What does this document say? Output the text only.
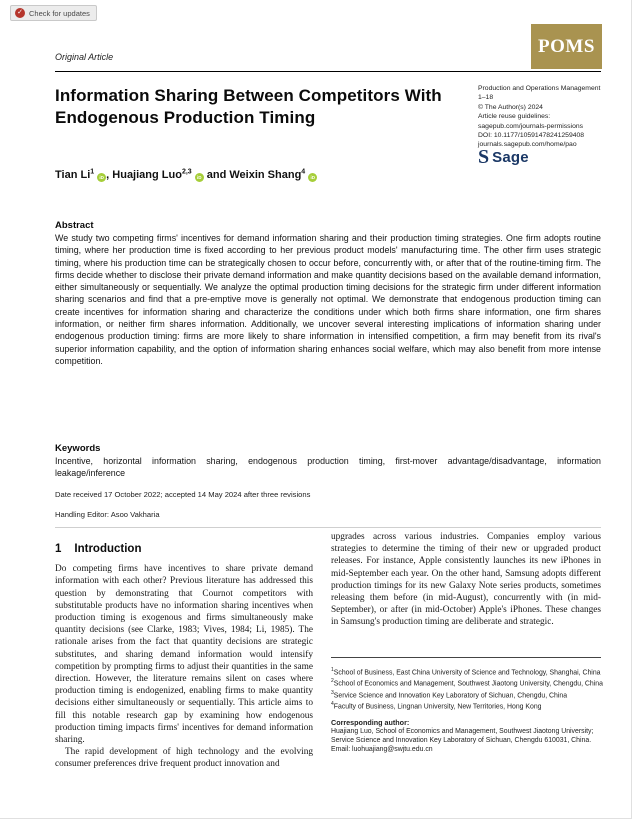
✓ Check for updates
POMS
Original Article
Information Sharing Between Competitors With Endogenous Production Timing
Production and Operations Management
1–18
© The Author(s) 2024
Article reuse guidelines:
sagepub.com/journals-permissions
DOI: 10.1177/10591478241259408
journals.sagepub.com/home/pao
S Sage
Tian Li$^1$iD , Huajiang Luo$^{2,3}$iD and Weixin Shang$^4$iD
Abstract
We study two competing firms' incentives for demand information sharing and their production timing strategies. One firm adopts routine timing, where her production time is fixed according to her previous product models' manufacturing time. The other firm uses strategic timing, where his production time can be strategically chosen to occur before, concurrently with, or after that of the routine-timing firm. The firms decide whether to disclose their private demand information and make quantity decisions based on the available demand information, either simultaneously or sequentially. We analyze the optimal production timing decisions for the strategic firm under different information sharing scenarios and find that a pre-emptive move is generally not optimal. We demonstrate that endogenous production timing can create incentives for information sharing and characterize the conditions under which both firms share information, one firm shares information, or neither firm shares information. Additionally, we uncover several interesting implications of information sharing under endogenous production timing: firms are more likely to share information in intensified competition, a firm may benefit from its rival's superior information capability, and the option of information sharing enhances social welfare, which may also benefit from more intense competition.
Keywords
Incentive, horizontal information sharing, endogenous production timing, first-mover advantage/disadvantage, information leakage/inference
Date received 17 October 2022; accepted 14 May 2024 after three revisions
Handling Editor: Asoo Vakharia
1 Introduction
Do competing firms have incentives to share private demand information with each other? Previous literature has addressed this question by demonstrating that Cournot competitors with substitutable products have no information sharing incentives when production timing is exogenous and firms simultaneously make quantity decisions (see Clarke, 1983; Vives, 1984; Li, 1985). The rationale arises from the fact that quantity decisions are strategic substitutes, and sharing demand information would intensify competition by prompting firms to adjust their quantities in the same direction. However, the literature remains silent on cases where production timing is endogenized, enabling firms to make quantity decisions either simultaneously or sequentially. This article aims to fill this notable research gap by examining how endogenous production timing impacts firms' incentives for demand information sharing.
The rapid development of high technology and the evolving consumer preferences drive frequent product innovation and
upgrades across various industries. Companies employ various strategies to determine the timing of their new or upgraded product releases. For instance, Apple consistently launches its new iPhones in mid-September each year. On the other hand, Samsung adopts different production timings for its new Galaxy Note series products, sometimes releasing them before (in mid-August), concurrently with (in mid-September), or after (in mid-October) Apple's iPhones. These changes in Samsung's production timing are deliberate and strategic.
$^1$School of Business, East China University of Science and Technology, Shanghai, China
$^2$School of Economics and Management, Southwest Jiaotong University, Chengdu, China
$^3$Service Science and Innovation Key Laboratory of Sichuan, Chengdu, China
$^4$Faculty of Business, Lingnan University, New Territories, Hong Kong
Corresponding author:
Huajiang Luo, School of Economics and Management, Southwest Jiaotong University; Service Science and Innovation Key Laboratory of Sichuan, Chengdu 610031, China.
Email: luohuajiang@swjtu.edu.cn
